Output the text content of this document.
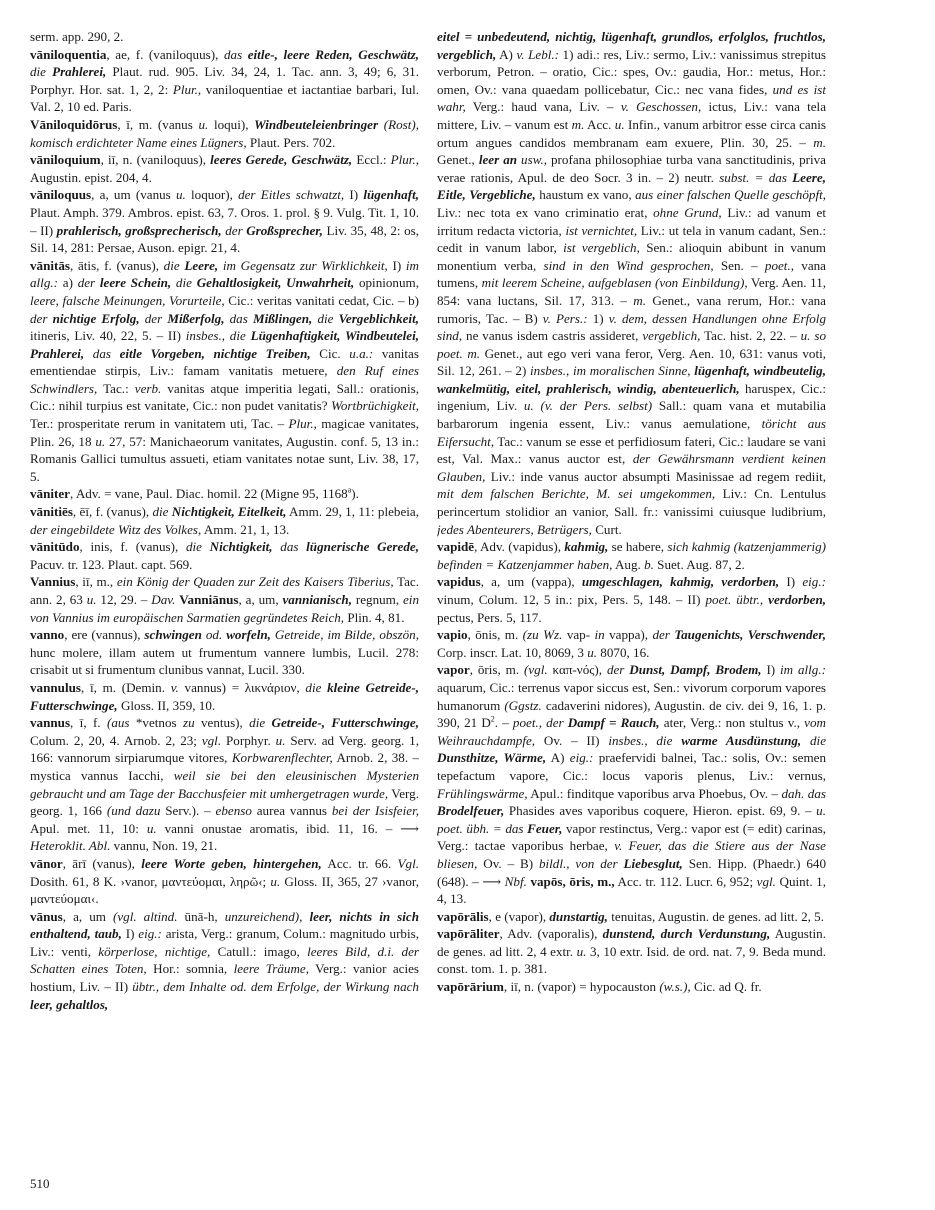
serm. app. 290, 2.

vāniloquentia, ae, f. (vaniloquus), das eitle-, leere Reden, Geschwätz, die Prahlerei, Plaut. rud. 905. Liv. 34, 24, 1. Tac. ann. 3, 49; 6, 31. Porphyr. Hor. sat. 1, 2, 2: Plur., vaniloquentiae et iactantiae barbari, Iul. Val. 2, 10 ed. Paris.

Vāniloquidōrus, ī, m. (vanus u. loqui), Windbeuteleienbringer (Rost), komisch erdichteter Name eines Lügners, Plaut. Pers. 702.

vāniloquium, iī, n. (vaniloquus), leeres Gerede, Geschwätz, Eccl.: Plur., Augustin. epist. 204, 4.

vāniloquus, a, um (vanus u. loquor), der Eitles schwatzt, I) lügenhaft, Plaut. Amph. 379. Ambros. epist. 63, 7. Oros. 1. prol. § 9. Vulg. Tit. 1, 10. – II) prahlerisch, großsprecherisch, der Großsprecher, Liv. 35, 48, 2: os, Sil. 14, 281: Persae, Auson. epigr. 21, 4.

vānitās, ātis, f. (vanus), die Leere, im Gegensatz zur Wirklichkeit, I) im allg.: a) der leere Schein, die Gehaltlosigkeit, Unwahrheit, opinionum, leere, falsche Meinungen, Vorurteile, Cic.: veritas vanitati cedat, Cic. – b) der nichtige Erfolg, der Mißerfolg, das Mißlingen, die Vergeblichkeit, itineris, Liv. 40, 22, 5. – II) insbes., die Lügenhaftigkeit, Windbeutelei, Prahlerei, das eitle Vorgeben, nichtige Treiben, Cic. u.a.: vanitas ementiendae stirpis, Liv.: famam vanitatis metuere, den Ruf eines Schwindlers, Tac.: verb. vanitas atque imperitia legati, Sall.: orationis, Cic.: nihil turpius est vanitate, Cic.: non pudet vanitatis? Wortbrüchigkeit, Ter.: prosperitate rerum in vanitatem uti, Tac. – Plur., magicae vanitates, Plin. 26, 18 u. 27, 57: Manichaeorum vanitates, Augustin. conf. 5, 13 in.: Romanis Gallici tumultus assueti, etiam vanitates notae sunt, Liv. 38, 17, 5.

vāniter, Adv. = vane, Paul. Diac. homil. 22 (Migne 95, 1168$^a$).

vānitiēs, ēī, f. (vanus), die Nichtigkeit, Eitelkeit, Amm. 29, 1, 11: plebeia, der eingebildete Witz des Volkes, Amm. 21, 1, 13.

vānitūdo, inis, f. (vanus), die Nichtigkeit, das lügnerische Gerede, Pacuv. tr. 123. Plaut. capt. 569.

Vannius, iī, m., ein König der Quaden zur Zeit des Kaisers Tiberius, Tac. ann. 2, 63 u. 12, 29. – Dav. Vanniānus, a, um, vannianisch, regnum, ein von Vannius im europäischen Sarmatien gegründetes Reich, Plin. 4, 81.

vanno, ere (vannus), schwingen od. worfeln, Getreide, im Bilde, obszön, hunc molere, illam autem ut frumentum vannere lumbis, Lucil. 278: crisabit ut si frumentum clunibus vannat, Lucil. 330.

vannulus, ī, m. (Demin. v. vannus) = λικνάριον, die kleine Getreide-, Futterschwinge, Gloss. II, 359, 10.

vannus, ī, f. (aus *vetnos zu ventus), die Getreide-, Futterschwinge, Colum. 2, 20, 4. Arnob. 2, 23; vgl. Porphyr. u. Serv. ad Verg. georg. 1, 166: vannorum sirpiarumque vitores, Korbwarenflechter, Arnob. 2, 38. – mystica vannus Iacchi, weil sie bei den eleusinischen Mysterien gebraucht und am Tage der Bacchusfeier mit umhergetragen wurde, Verg. georg. 1, 166 (und dazu Serv.). – ebenso aurea vannus bei der Isisfeier, Apul. met. 11, 10: u. vanni onustae aromatis, ibid. 11, 16. – ⟶ Heteroklit. Abl. vannu, Non. 19, 21.

vānor, ārī (vanus), leere Worte geben, hintergehen, Acc. tr. 66. Vgl. Dosith. 61, 8 K. ›vanor, μαντεύομαι, ληρῶ‹; u. Gloss. II, 365, 27 ›vanor, μαντεύομαι‹.

vānus, a, um (vgl. altind. ūnā-h, unzureichend), leer, nichts in sich enthaltend, taub, I) eig.: arista, Verg.: granum, Colum.: magnitudo urbis, Liv.: venti, körperlose, nichtige, Catull.: imago, leeres Bild, d.i. der Schatten eines Toten, Hor.: somnia, leere Träume, Verg.: vanior acies hostium, Liv. – II) übtr., dem Inhalte od. dem Erfolge, der Wirkung nach leer, gehaltlos,

eitel = unbedeutend, nichtig, lügenhaft, grundlos, erfolglos, fruchtlos, vergeblich, A) v. Lebl.: 1) adi.: res, Liv.: sermo, Liv.: vanissimus strepitus verborum, Petron. – oratio, Cic.: spes, Ov.: gaudia, Hor.: metus, Hor.: omen, Ov.: vana quaedam pollicebatur, Cic.: nec vana fides, und es ist wahr, Verg.: haud vana, Liv. – v. Geschossen, ictus, Liv.: vana tela mittere, Liv. – vanum est m. Acc. u. Infin., vanum arbitror esse circa canis ortum angues candidos membranam eam exuere, Plin. 30, 25. – m. Genet., leer an usw., profana philosophiae turba vana sanctitudinis, priva verae rationis, Apul. de deo Socr. 3 in. – 2) neutr. subst. = das Leere, Eitle, Vergebliche, haustum ex vano, aus einer falschen Quelle geschöpft, Liv.: nec tota ex vano criminatio erat, ohne Grund, Liv.: ad vanum et irritum redacta victoria, ist vernichtet, Liv.: ut tela in vanum cadant, Sen.: cedit in vanum labor, ist vergeblich, Sen.: alioquin abibunt in vanum monentium verba, sind in den Wind gesprochen, Sen. – poet., vana tumens, mit leerem Scheine, aufgeblasen (von Einbildung), Verg. Aen. 11, 854: vana luctans, Sil. 17, 313. – m. Genet., vana rerum, Hor.: vana rumoris, Tac. – B) v. Pers.: 1) v. dem, dessen Handlungen ohne Erfolg sind, ne vanus isdem castris assideret, vergeblich, Tac. hist. 2, 22. – u. so poet. m. Genet., aut ego veri vana feror, Verg. Aen. 10, 631: vanus voti, Sil. 12, 261. – 2) insbes., im moralischen Sinne, lügenhaft, windbeutelig, wankelmütig, eitel, prahlerisch, windig, abenteuerlich, haruspex, Cic.: ingenium, Liv. u. (v. der Pers. selbst) Sall.: quam vana et mutabilia barbarorum ingenia essent, Liv.: vanus aemulatione, töricht aus Eifersucht, Tac.: vanum se esse et perfidiosum fateri, Cic.: laudare se vani est, Val. Max.: vanus auctor est, der Gewährsmann verdient keinen Glauben, Liv.: inde vanus auctor absumpti Masinissae ad regem rediit, mit dem falschen Berichte, M. sei umgekommen, Liv.: Cn. Lentulus perincertum stolidior an vanior, Sall. fr.: vanissimi cuiusque ludibrium, jedes Abenteurers, Betrügers, Curt.

vapidē, Adv. (vapidus), kahmig, se habere, sich kahmig (katzenjammerig) befinden = Katzenjammer haben, Aug. b. Suet. Aug. 87, 2.

vapidus, a, um (vappa), umgeschlagen, kahmig, verdorben, I) eig.: vinum, Colum. 12, 5 in.: pix, Pers. 5, 148. – II) poet. übtr., verdorben, pectus, Pers. 5, 117.

vapio, ōnis, m. (zu Wz. vap- in vappa), der Taugenichts, Verschwender, Corp. inscr. Lat. 10, 8069, 3 u. 8070, 16.

vapor, ōris, m. (vgl. καπ-νός), der Dunst, Dampf, Brodem, I) im allg.: aquarum, Cic.: terrenus vapor siccus est, Sen.: vivorum corporum vapores humanorum (Ggstz. cadaverini nidores), Augustin. de civ. dei 9, 16, 1. p. 390, 21 $D^2$. – poet., der Dampf = Rauch, ater, Verg.: non stultus v., vom Weihrauchdampfe, Ov. – II) insbes., die warme Ausdünstung, die Dunsthitze, Wärme, A) eig.: praefervidi balnei, Tac.: solis, Ov.: semen tepefactum vapore, Cic.: locus vaporis plenus, Liv.: vernus, Frühlingswärme, Apul.: finditque vaporibus arva Phoebus, Ov. – dah. das Brodelfeuer, Phasides aves vaporibus coquere, Hieron. epist. 69, 9. – u. poet. übh. = das Feuer, vapor restinctus, Verg.: vapor est (= edit) carinas, Verg.: tactae vaporibus herbae, v. Feuer, das die Stiere aus der Nase bliesen, Ov. – B) bildl., von der Liebesglut, Sen. Hipp. (Phaedr.) 640 (648). – ⟶ Nbf. vapōs, ōris, m., Acc. tr. 112. Lucr. 6, 952; vgl. Quint. 1, 4, 13.

vapōrālis, e (vapor), dunstartig, tenuitas, Augustin. de genes. ad litt. 2, 5.

vapōrāliter, Adv. (vaporalis), dunstend, durch Verdunstung, Augustin. de genes. ad litt. 2, 4 extr. u. 3, 10 extr. Isid. de ord. nat. 7, 9. Beda mund. const. tom. 1. p. 381.

vapōrārium, iī, n. (vapor) = hypocauston (w.s.), Cic. ad Q. fr.

510
